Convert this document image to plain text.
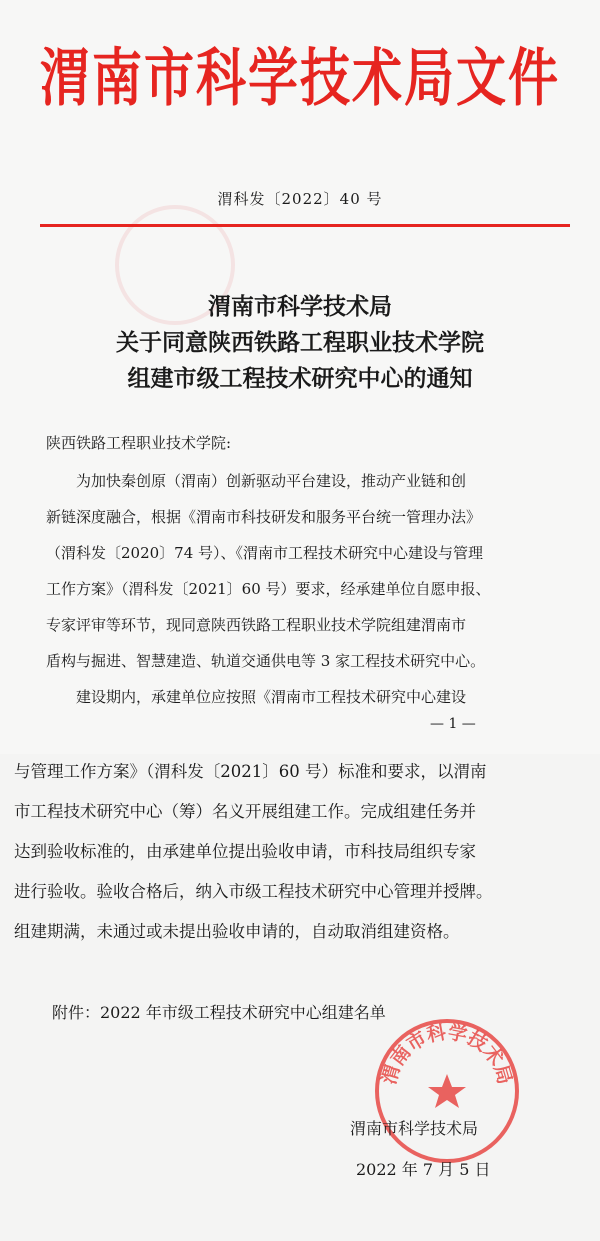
渭南市科学技术局文件
渭科发〔2022〕40 号
渭南市科学技术局
关于同意陕西铁路工程职业技术学院
组建市级工程技术研究中心的通知
陕西铁路工程职业技术学院:
　　为加快秦创原（渭南）创新驱动平台建设，推动产业链和创
新链深度融合，根据《渭南市科技研发和服务平台统一管理办法》
（渭科发〔2020〕74 号）、《渭南市工程技术研究中心建设与管理
工作方案》（渭科发〔2021〕60 号）要求，经承建单位自愿申报、
专家评审等环节，现同意陕西铁路工程职业技术学院组建渭南市
盾构与掘进、智慧建造、轨道交通供电等 3 家工程技术研究中心。
　　建设期内，承建单位应按照《渭南市工程技术研究中心建设
— 1 —
与管理工作方案》（渭科发〔2021〕60 号）标准和要求，以渭南
市工程技术研究中心（筹）名义开展组建工作。完成组建任务并
达到验收标准的，由承建单位提出验收申请，市科技局组织专家
进行验收。验收合格后，纳入市级工程技术研究中心管理并授牌。
组建期满，未通过或未提出验收申请的，自动取消组建资格。
附件：2022 年市级工程技术研究中心组建名单
渭南市科学技术局
渭南市科学技术局
2022 年 7 月 5 日
